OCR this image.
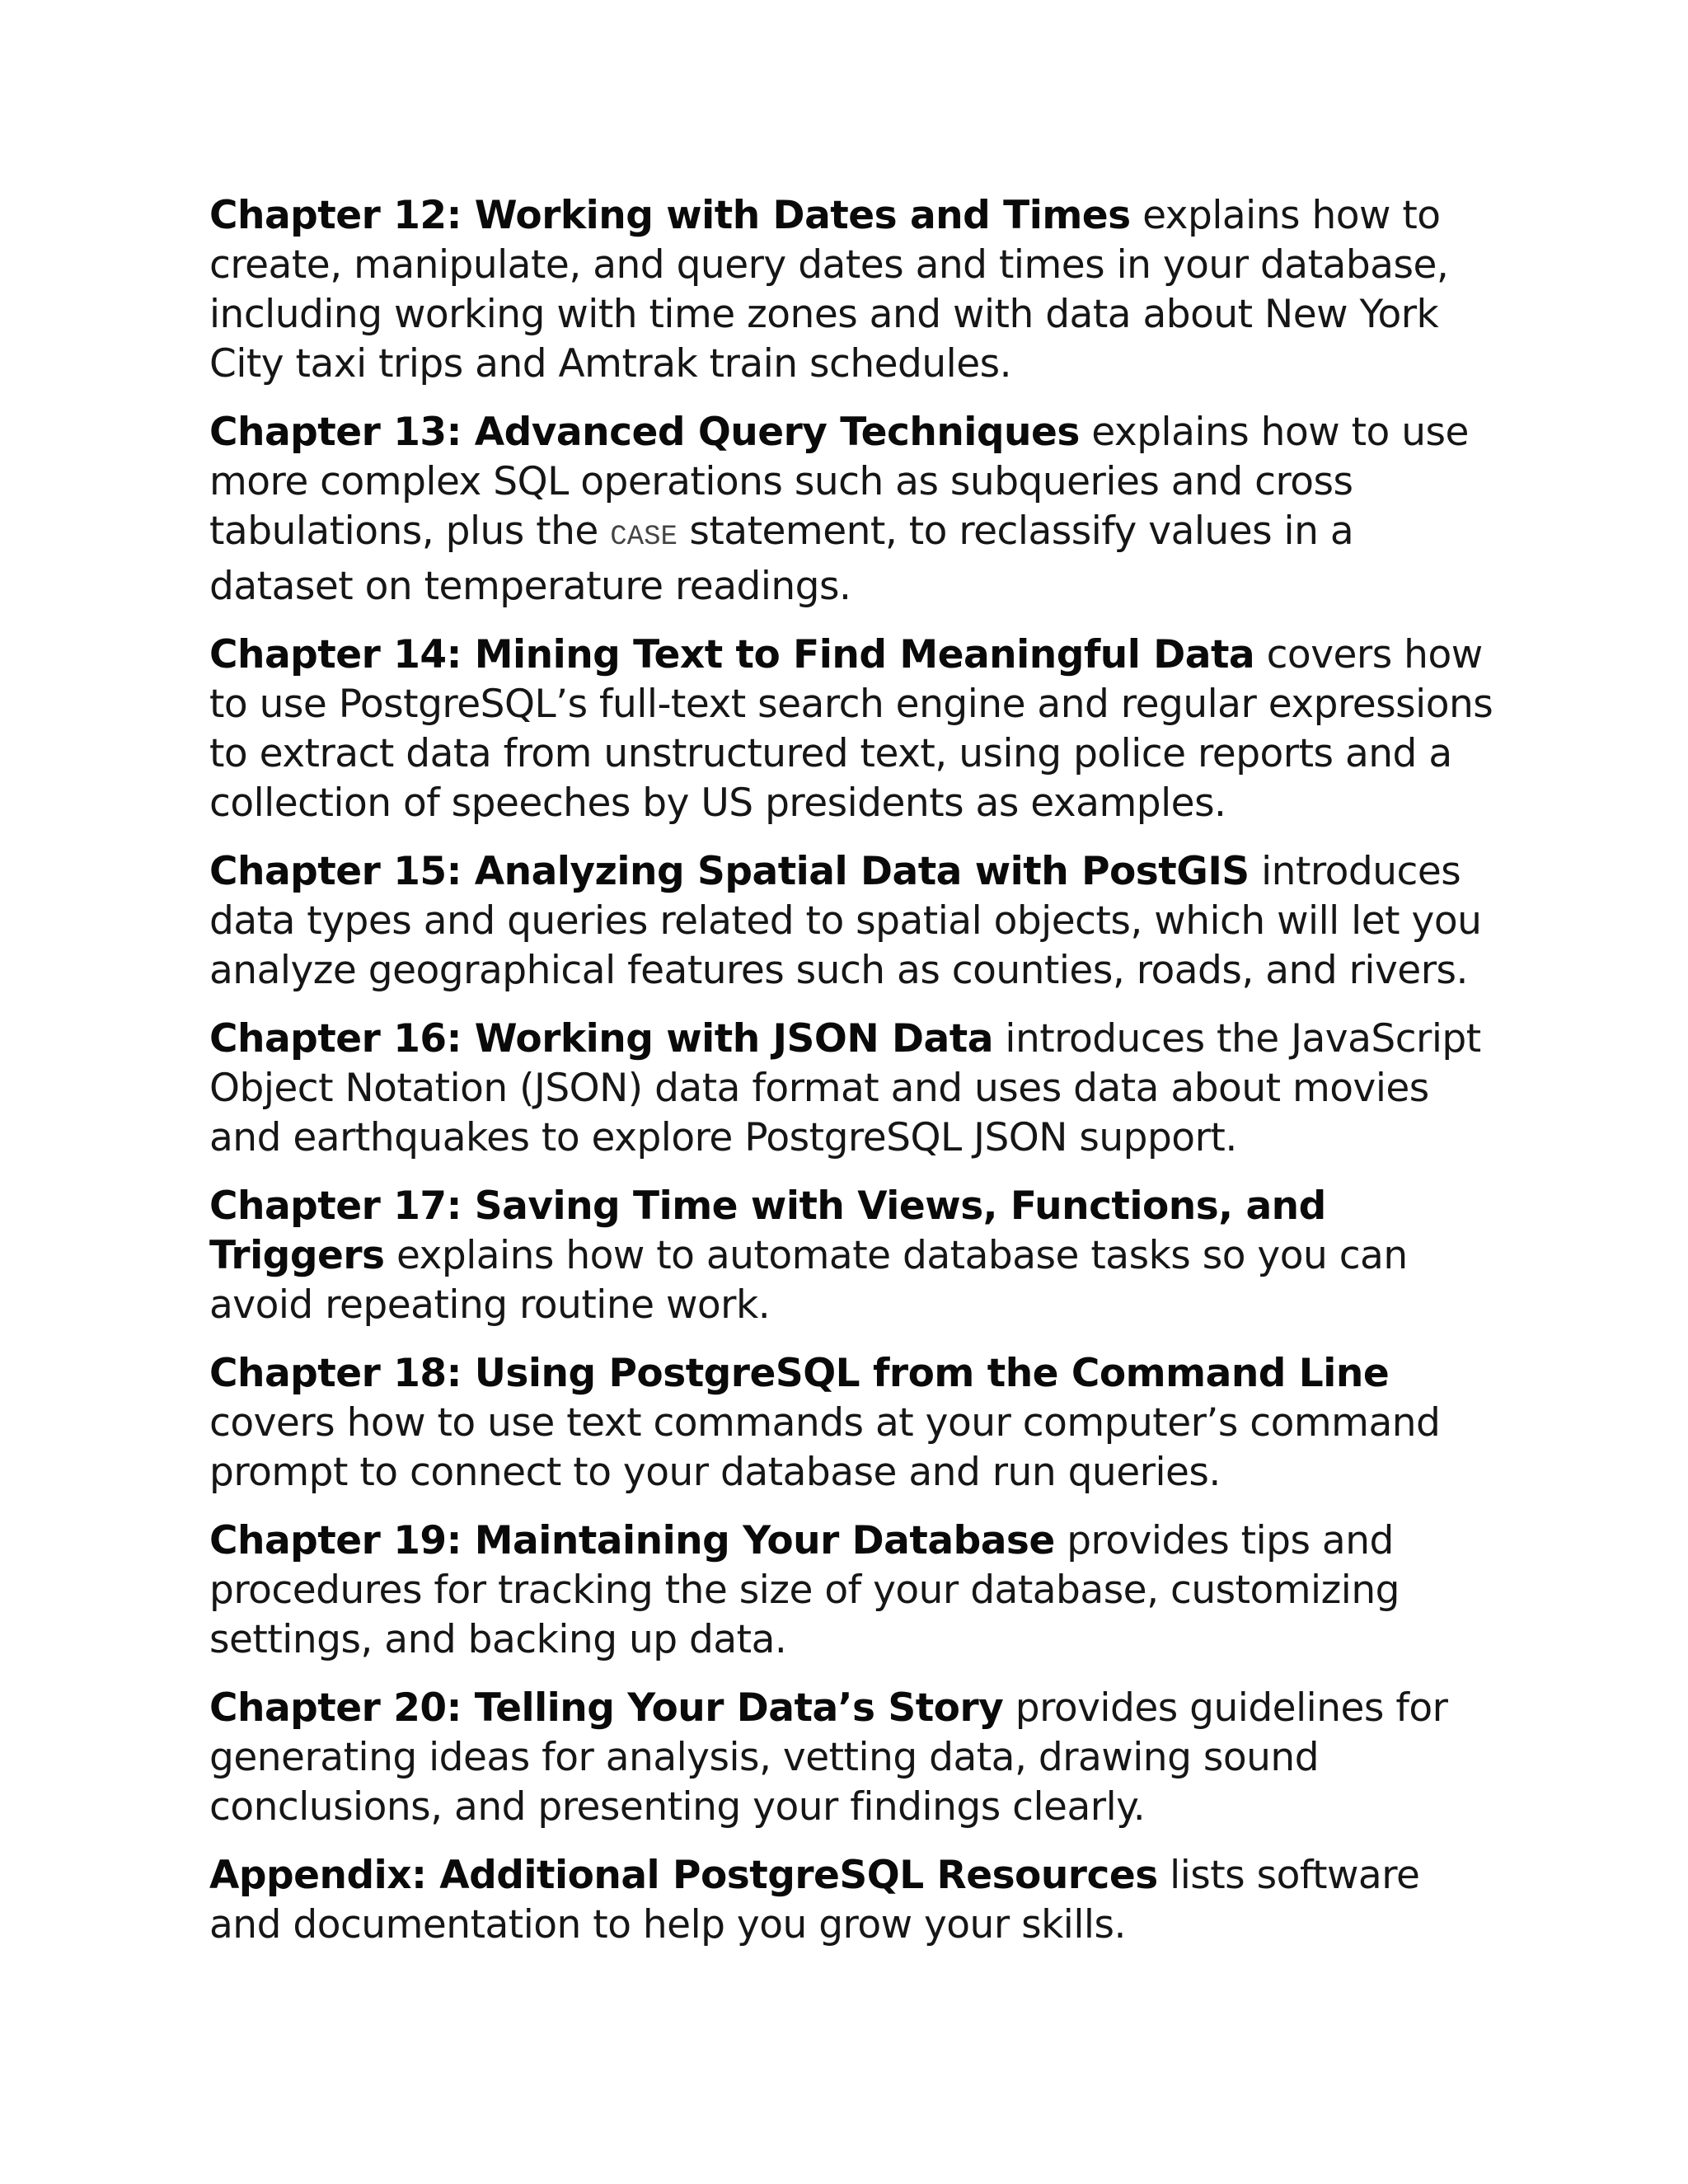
Chapter 12: Working with Dates and Times explains how to create, manipulate, and query dates and times in your database, including working with time zones and with data about New York City taxi trips and Amtrak train schedules.

Chapter 13: Advanced Query Techniques explains how to use more complex SQL operations such as subqueries and cross tabulations, plus the CASE statement, to reclassify values in a dataset on temperature readings.

Chapter 14: Mining Text to Find Meaningful Data covers how to use PostgreSQL’s full-text search engine and regular expressions to extract data from unstructured text, using police reports and a collection of speeches by US presidents as examples.

Chapter 15: Analyzing Spatial Data with PostGIS introduces data types and queries related to spatial objects, which will let you analyze geographical features such as counties, roads, and rivers.

Chapter 16: Working with JSON Data introduces the JavaScript Object Notation (JSON) data format and uses data about movies and earthquakes to explore PostgreSQL JSON support.

Chapter 17: Saving Time with Views, Functions, and Triggers explains how to automate database tasks so you can avoid repeating routine work.

Chapter 18: Using PostgreSQL from the Command Line covers how to use text commands at your computer’s command prompt to connect to your database and run queries.

Chapter 19: Maintaining Your Database provides tips and procedures for tracking the size of your database, customizing settings, and backing up data.

Chapter 20: Telling Your Data’s Story provides guidelines for generating ideas for analysis, vetting data, drawing sound conclusions, and presenting your findings clearly.

Appendix: Additional PostgreSQL Resources lists software and documentation to help you grow your skills.
